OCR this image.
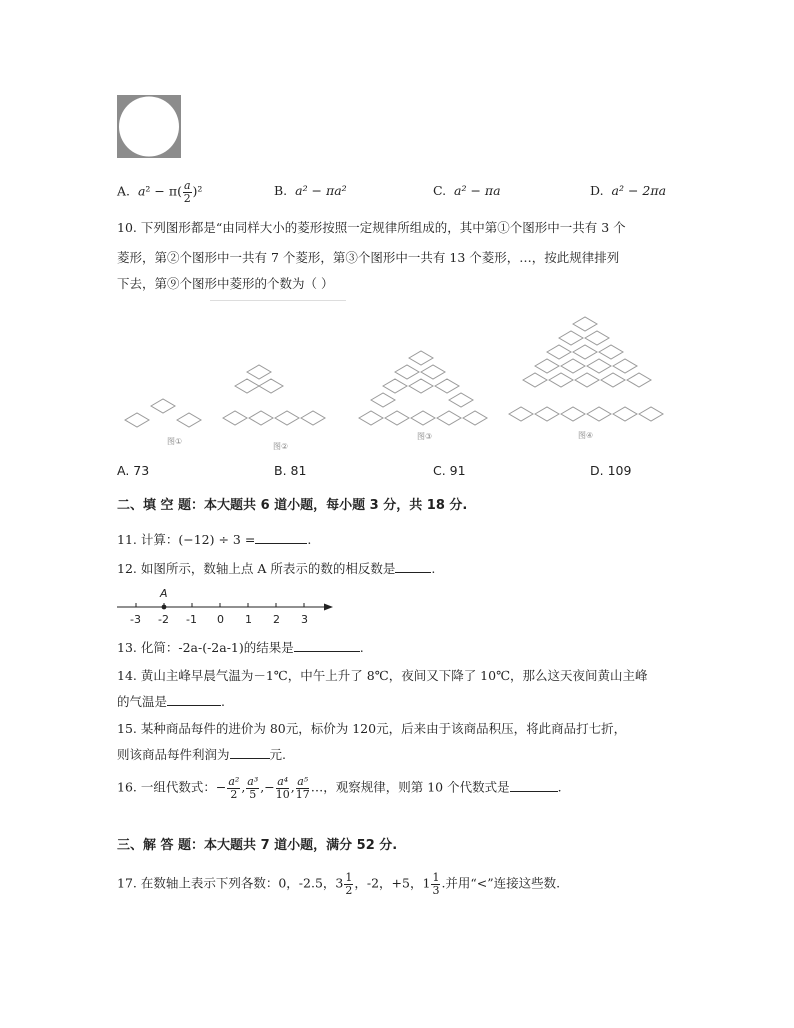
A. $a^2 - \pi( \frac{a}{2} )^2$	B. a² − πa²	C. a² − πa	D. a² − 2πa
10. 下列图形都是“由同样大小的菱形按照一定规律所组成的，其中第①个图形中一共有 3 个
菱形，第②个图形中一共有 7 个菱形，第③个图形中一共有 13 个菱形，…，按此规律排列
下去，第⑨个图形中菱形的个数为（ ）
图①
图②
图③	图④
A. 73	B. 81	C. 91	D. 109
二、填 空 题：本大题共 6 道小题，每小题 3 分，共 18 分.
11. 计算：(−12) ÷ 3 =	.
12. 如图所示，数轴上点 A 所表示的数的相反数是	.
-3 -2 -1 0 1 2 3
A
13. 化简：-2a-(-2a-1)的结果是	.
14. 黄山主峰早晨气温为－1℃，中午上升了 8℃，夜间又下降了 10℃，那么这天夜间黄山主峰
的气温是	.
15. 某种商品每件的进价为 80元，标价为 120元，后来由于该商品积压，将此商品打七折，
则该商品每件利润为	元.
16. 一组代数式：− $\frac{\text{a²}}{2}$ , $\frac{\text{a³}}{5}$ ,− $\frac{\text{a⁴}}{10}$ , $\frac{\text{a⁵}}{17}$ …，观察规律，则第 10 个代数式是	.
三、解 答 题：本大题共 7 道小题，满分 52 分.
17. 在数轴上表示下列各数：0，-2.5，$3 \frac{1}{2}$ ，-2，+5，$1 \frac{1}{3}$ .并用“<”连接这些数.
